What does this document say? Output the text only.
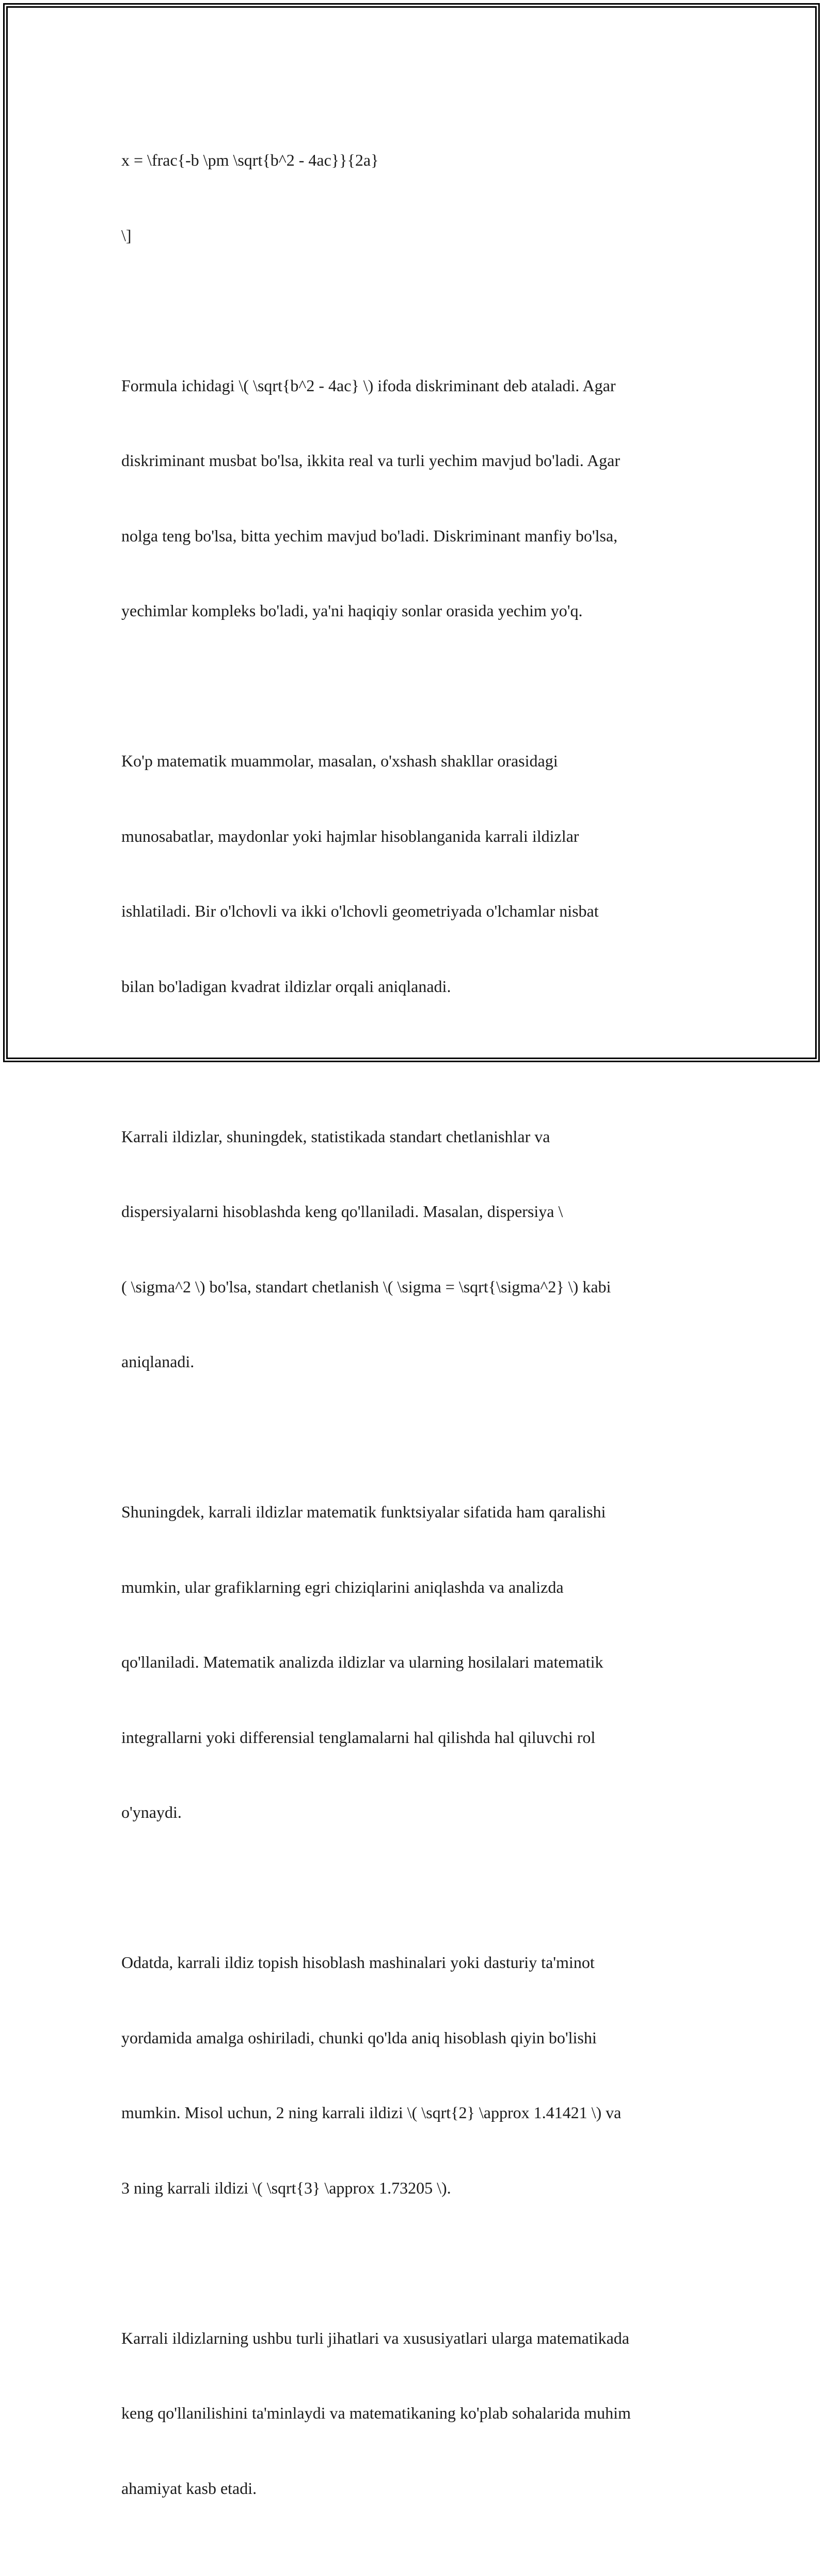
x = \frac{-b \pm \sqrt{b^2 - 4ac}}{2a}

\]

Formula ichidagi \( \sqrt{b^2 - 4ac} \) ifoda diskriminant deb ataladi. Agar

diskriminant musbat bo'lsa, ikkita real va turli yechim mavjud bo'ladi. Agar

nolga teng bo'lsa, bitta yechim mavjud bo'ladi. Diskriminant manfiy bo'lsa,

yechimlar kompleks bo'ladi, ya'ni haqiqiy sonlar orasida yechim yo'q.

Ko'p matematik muammolar, masalan, o'xshash shakllar orasidagi

munosabatlar, maydonlar yoki hajmlar hisoblanganida karrali ildizlar

ishlatiladi. Bir o'lchovli va ikki o'lchovli geometriyada o'lchamlar nisbat

bilan bo'ladigan kvadrat ildizlar orqali aniqlanadi.

Karrali ildizlar, shuningdek, statistikada standart chetlanishlar va

dispersiyalarni hisoblashda keng qo'llaniladi. Masalan, dispersiya \

( \sigma^2 \) bo'lsa, standart chetlanish \( \sigma = \sqrt{\sigma^2} \) kabi

aniqlanadi.

Shuningdek, karrali ildizlar matematik funktsiyalar sifatida ham qaralishi

mumkin, ular grafiklarning egri chiziqlarini aniqlashda va analizda

qo'llaniladi. Matematik analizda ildizlar va ularning hosilalari matematik

integrallarni yoki differensial tenglamalarni hal qilishda hal qiluvchi rol

o'ynaydi.

Odatda, karrali ildiz topish hisoblash mashinalari yoki dasturiy ta'minot

yordamida amalga oshiriladi, chunki qo'lda aniq hisoblash qiyin bo'lishi

mumkin. Misol uchun, 2 ning karrali ildizi \( \sqrt{2} \approx 1.41421 \) va

3 ning karrali ildizi \( \sqrt{3} \approx 1.73205 \).

Karrali ildizlarning ushbu turli jihatlari va xususiyatlari ularga matematikada

keng qo'llanilishini ta'minlaydi va matematikaning ko'plab sohalarida muhim

ahamiyat kasb etadi.
